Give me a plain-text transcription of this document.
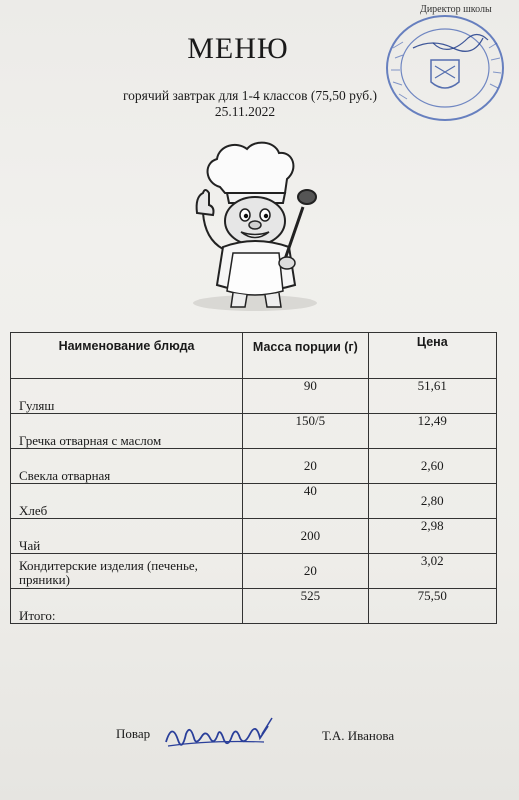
Директор школы
МЕНЮ
горячий завтрак для 1-4 классов (75,50 руб.)
25.11.2022
Наименование блюда	Масса порции (г)	Цена

Гуляш	90	51,61

Гречка отварная с маслом	150/5	12,49

Свекла отварная	20	2,60

Хлеб	40	2,80

Чай	200	2,98

Кондитерские изделия (печенье, пряники)	20	3,02

Итого:	525	75,50
Повар	Т.А. Иванова
